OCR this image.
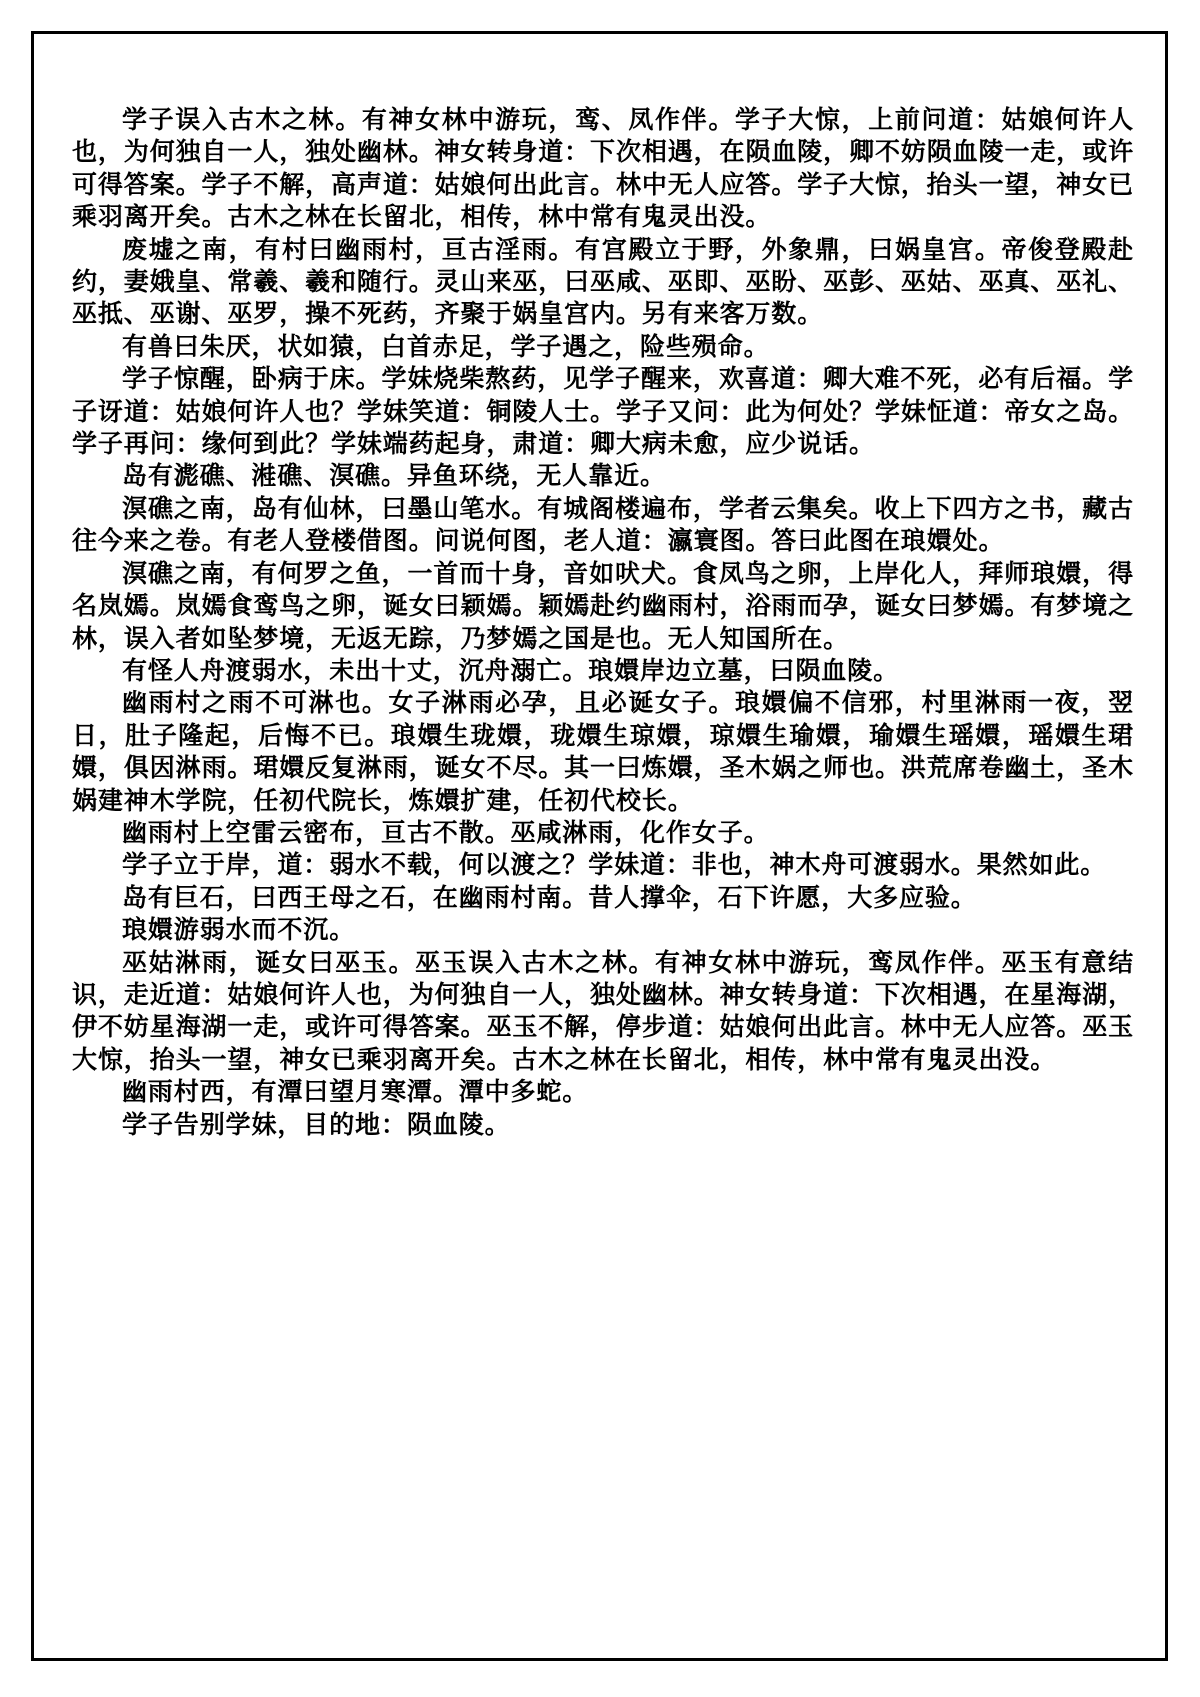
学子误入古木之林。有神女林中游玩，鸾、凤作伴。学子大惊，上前问道：姑娘何许人也，为何独自一人，独处幽林。神女转身道：下次相遇，在陨血陵，卿不妨陨血陵一走，或许可得答案。学子不解，高声道：姑娘何出此言。林中无人应答。学子大惊，抬头一望，神女已乘羽离开矣。古木之林在长留北，相传，林中常有鬼灵出没。

废墟之南，有村曰幽雨村，亘古淫雨。有宫殿立于野，外象鼎，曰娲皇宫。帝俊登殿赴约，妻娥皇、常羲、羲和随行。灵山来巫，曰巫咸、巫即、巫盼、巫彭、巫姑、巫真、巫礼、巫抵、巫谢、巫罗，操不死药，齐聚于娲皇宫内。另有来客万数。

有兽曰朱厌，状如猿，白首赤足，学子遇之，险些殒命。

学子惊醒，卧病于床。学妹烧柴熬药，见学子醒来，欢喜道：卿大难不死，必有后福。学子讶道：姑娘何许人也？学妹笑道：铜陵人士。学子又问：此为何处？学妹怔道：帝女之岛。学子再问：缘何到此？学妹端药起身，肃道：卿大病未愈，应少说话。

岛有滮礁、溎礁、溟礁。异鱼环绕，无人靠近。

溟礁之南，岛有仙林，曰墨山笔水。有城阁楼遍布，学者云集矣。收上下四方之书，藏古往今来之卷。有老人登楼借图。问说何图，老人道：瀛寰图。答曰此图在琅嬛处。

溟礁之南，有何罗之鱼，一首而十身，音如吠犬。食凤鸟之卵，上岸化人，拜师琅嬛，得名岚嫣。岚嫣食鸾鸟之卵，诞女曰颖嫣。颖嫣赴约幽雨村，浴雨而孕，诞女曰梦嫣。有梦境之林，误入者如坠梦境，无返无踪，乃梦嫣之国是也。无人知国所在。

有怪人舟渡弱水，未出十丈，沉舟溺亡。琅嬛岸边立墓，曰陨血陵。

幽雨村之雨不可淋也。女子淋雨必孕，且必诞女子。琅嬛偏不信邪，村里淋雨一夜，翌日，肚子隆起，后悔不已。琅嬛生珑嬛，珑嬛生琼嬛，琼嬛生瑜嬛，瑜嬛生瑶嬛，瑶嬛生珺嬛，俱因淋雨。珺嬛反复淋雨，诞女不尽。其一曰炼嬛，圣木娲之师也。洪荒席卷幽土，圣木娲建神木学院，任初代院长，炼嬛扩建，任初代校长。

幽雨村上空雷云密布，亘古不散。巫咸淋雨，化作女子。

学子立于岸，道：弱水不载，何以渡之？学妹道：非也，神木舟可渡弱水。果然如此。

岛有巨石，曰西王母之石，在幽雨村南。昔人撑伞，石下许愿，大多应验。

琅嬛游弱水而不沉。

巫姑淋雨，诞女曰巫玉。巫玉误入古木之林。有神女林中游玩，鸾凤作伴。巫玉有意结识，走近道：姑娘何许人也，为何独自一人，独处幽林。神女转身道：下次相遇，在星海湖，伊不妨星海湖一走，或许可得答案。巫玉不解，停步道：姑娘何出此言。林中无人应答。巫玉大惊，抬头一望，神女已乘羽离开矣。古木之林在长留北，相传，林中常有鬼灵出没。

幽雨村西，有潭曰望月寒潭。潭中多蛇。

学子告别学妹，目的地：陨血陵。
